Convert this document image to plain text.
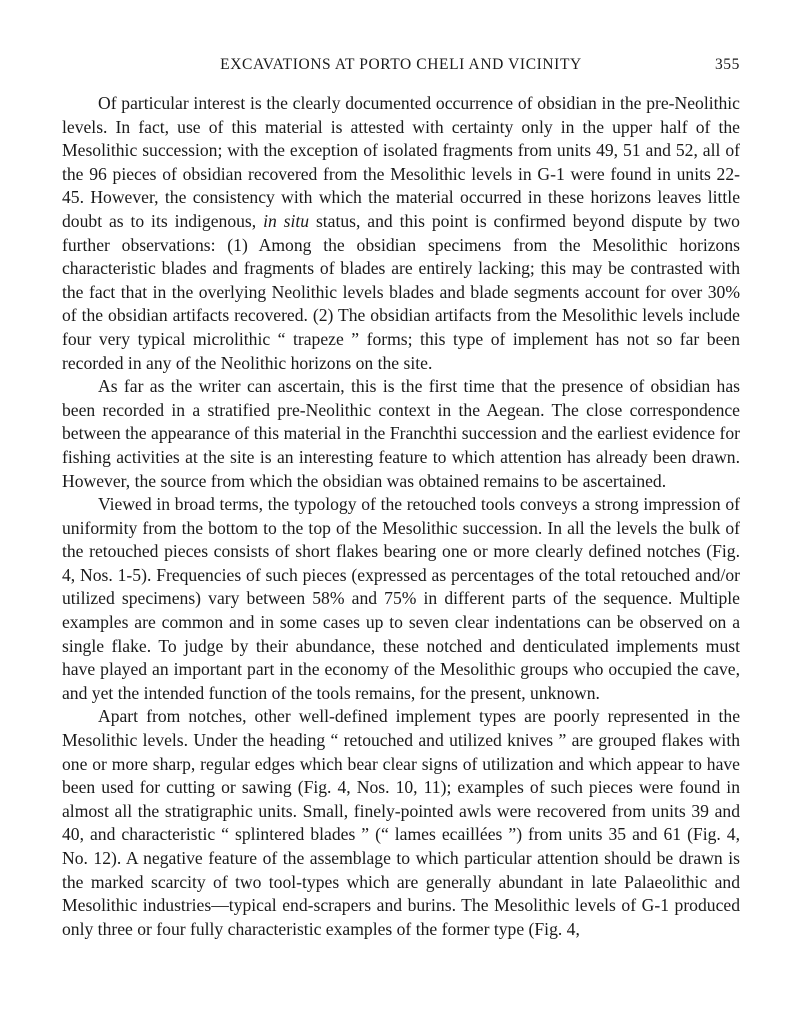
EXCAVATIONS AT PORTO CHELI AND VICINITY	355

Of particular interest is the clearly documented occurrence of obsidian in the pre-Neolithic levels. In fact, use of this material is attested with certainty only in the upper half of the Mesolithic succession; with the exception of isolated fragments from units 49, 51 and 52, all of the 96 pieces of obsidian recovered from the Mesolithic levels in G-1 were found in units 22-45. However, the consistency with which the material occurred in these horizons leaves little doubt as to its indigenous, in situ status, and this point is confirmed beyond dispute by two further observations: (1) Among the obsidian specimens from the Mesolithic horizons characteristic blades and fragments of blades are entirely lacking; this may be contrasted with the fact that in the overlying Neolithic levels blades and blade segments account for over 30% of the obsidian artifacts recovered. (2) The obsidian artifacts from the Mesolithic levels include four very typical microlithic “ trapeze ” forms; this type of implement has not so far been recorded in any of the Neolithic horizons on the site.

As far as the writer can ascertain, this is the first time that the presence of obsidian has been recorded in a stratified pre-Neolithic context in the Aegean. The close correspondence between the appearance of this material in the Franchthi succession and the earliest evidence for fishing activities at the site is an interesting feature to which attention has already been drawn. However, the source from which the obsidian was obtained remains to be ascertained.

Viewed in broad terms, the typology of the retouched tools conveys a strong impression of uniformity from the bottom to the top of the Mesolithic succession. In all the levels the bulk of the retouched pieces consists of short flakes bearing one or more clearly defined notches (Fig. 4, Nos. 1-5). Frequencies of such pieces (expressed as percentages of the total retouched and/or utilized specimens) vary between 58% and 75% in different parts of the sequence. Multiple examples are common and in some cases up to seven clear indentations can be observed on a single flake. To judge by their abundance, these notched and denticulated implements must have played an important part in the economy of the Mesolithic groups who occupied the cave, and yet the intended function of the tools remains, for the present, unknown.

Apart from notches, other well-defined implement types are poorly represented in the Mesolithic levels. Under the heading “ retouched and utilized knives ” are grouped flakes with one or more sharp, regular edges which bear clear signs of utilization and which appear to have been used for cutting or sawing (Fig. 4, Nos. 10, 11); examples of such pieces were found in almost all the stratigraphic units. Small, finely-pointed awls were recovered from units 39 and 40, and characteristic “ splintered blades ” (“ lames ecaillées ”) from units 35 and 61 (Fig. 4, No. 12). A negative feature of the assemblage to which particular attention should be drawn is the marked scarcity of two tool-types which are generally abundant in late Palaeolithic and Mesolithic industries—typical end-scrapers and burins. The Mesolithic levels of G-1 produced only three or four fully characteristic examples of the former type (Fig. 4,
